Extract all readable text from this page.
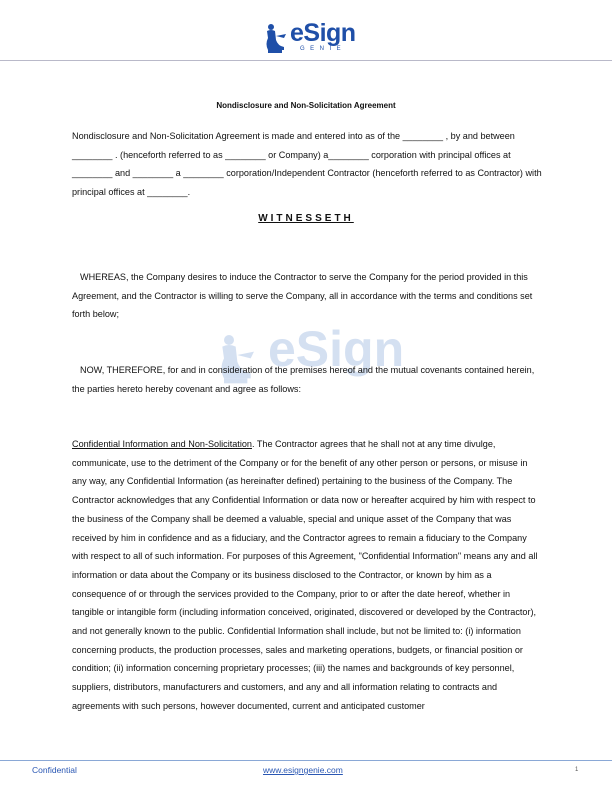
eSign
GENIE
eSign
Nondisclosure and Non-Solicitation Agreement
Nondisclosure and Non-Solicitation Agreement is made and entered into as of the ________ , by and between ________ . (henceforth referred to as ________ or Company) a________ corporation with principal offices at ________ and ________ a ________ corporation/Independent Contractor (henceforth referred to as Contractor) with principal offices at ________.
WITNESSETH
WHEREAS, the Company desires to induce the Contractor to serve the Company for the period provided in this Agreement, and the Contractor is willing to serve the Company, all in accordance with the terms and conditions set forth below;
NOW, THEREFORE, for and in consideration of the premises hereof and the mutual covenants contained herein, the parties hereto hereby covenant and agree as follows:
Confidential Information and Non-Solicitation. The Contractor agrees that he shall not at any time divulge, communicate, use to the detriment of the Company or for the benefit of any other person or persons, or misuse in any way, any Confidential Information (as hereinafter defined) pertaining to the business of the Company. The Contractor acknowledges that any Confidential Information or data now or hereafter acquired by him with respect to the business of the Company shall be deemed a valuable, special and unique asset of the Company that was received by him in confidence and as a fiduciary, and the Contractor agrees to remain a fiduciary to the Company with respect to all of such information. For purposes of this Agreement, "Confidential Information" means any and all information or data about the Company or its business disclosed to the Contractor, or known by him as a consequence of or through the services provided to the Company, prior to or after the date hereof, whether in tangible or intangible form (including information conceived, originated, discovered or developed by the Contractor), and not generally known to the public. Confidential Information shall include, but not be limited to: (i) information concerning products, the production processes, sales and marketing operations, budgets, or financial position or condition; (ii) information concerning proprietary processes; (iii) the names and backgrounds of key personnel, suppliers, distributors, manufacturers and customers, and any and all information relating to contracts and agreements with such persons, however documented, current and anticipated customer
Confidential	www.esigngenie.com	1
